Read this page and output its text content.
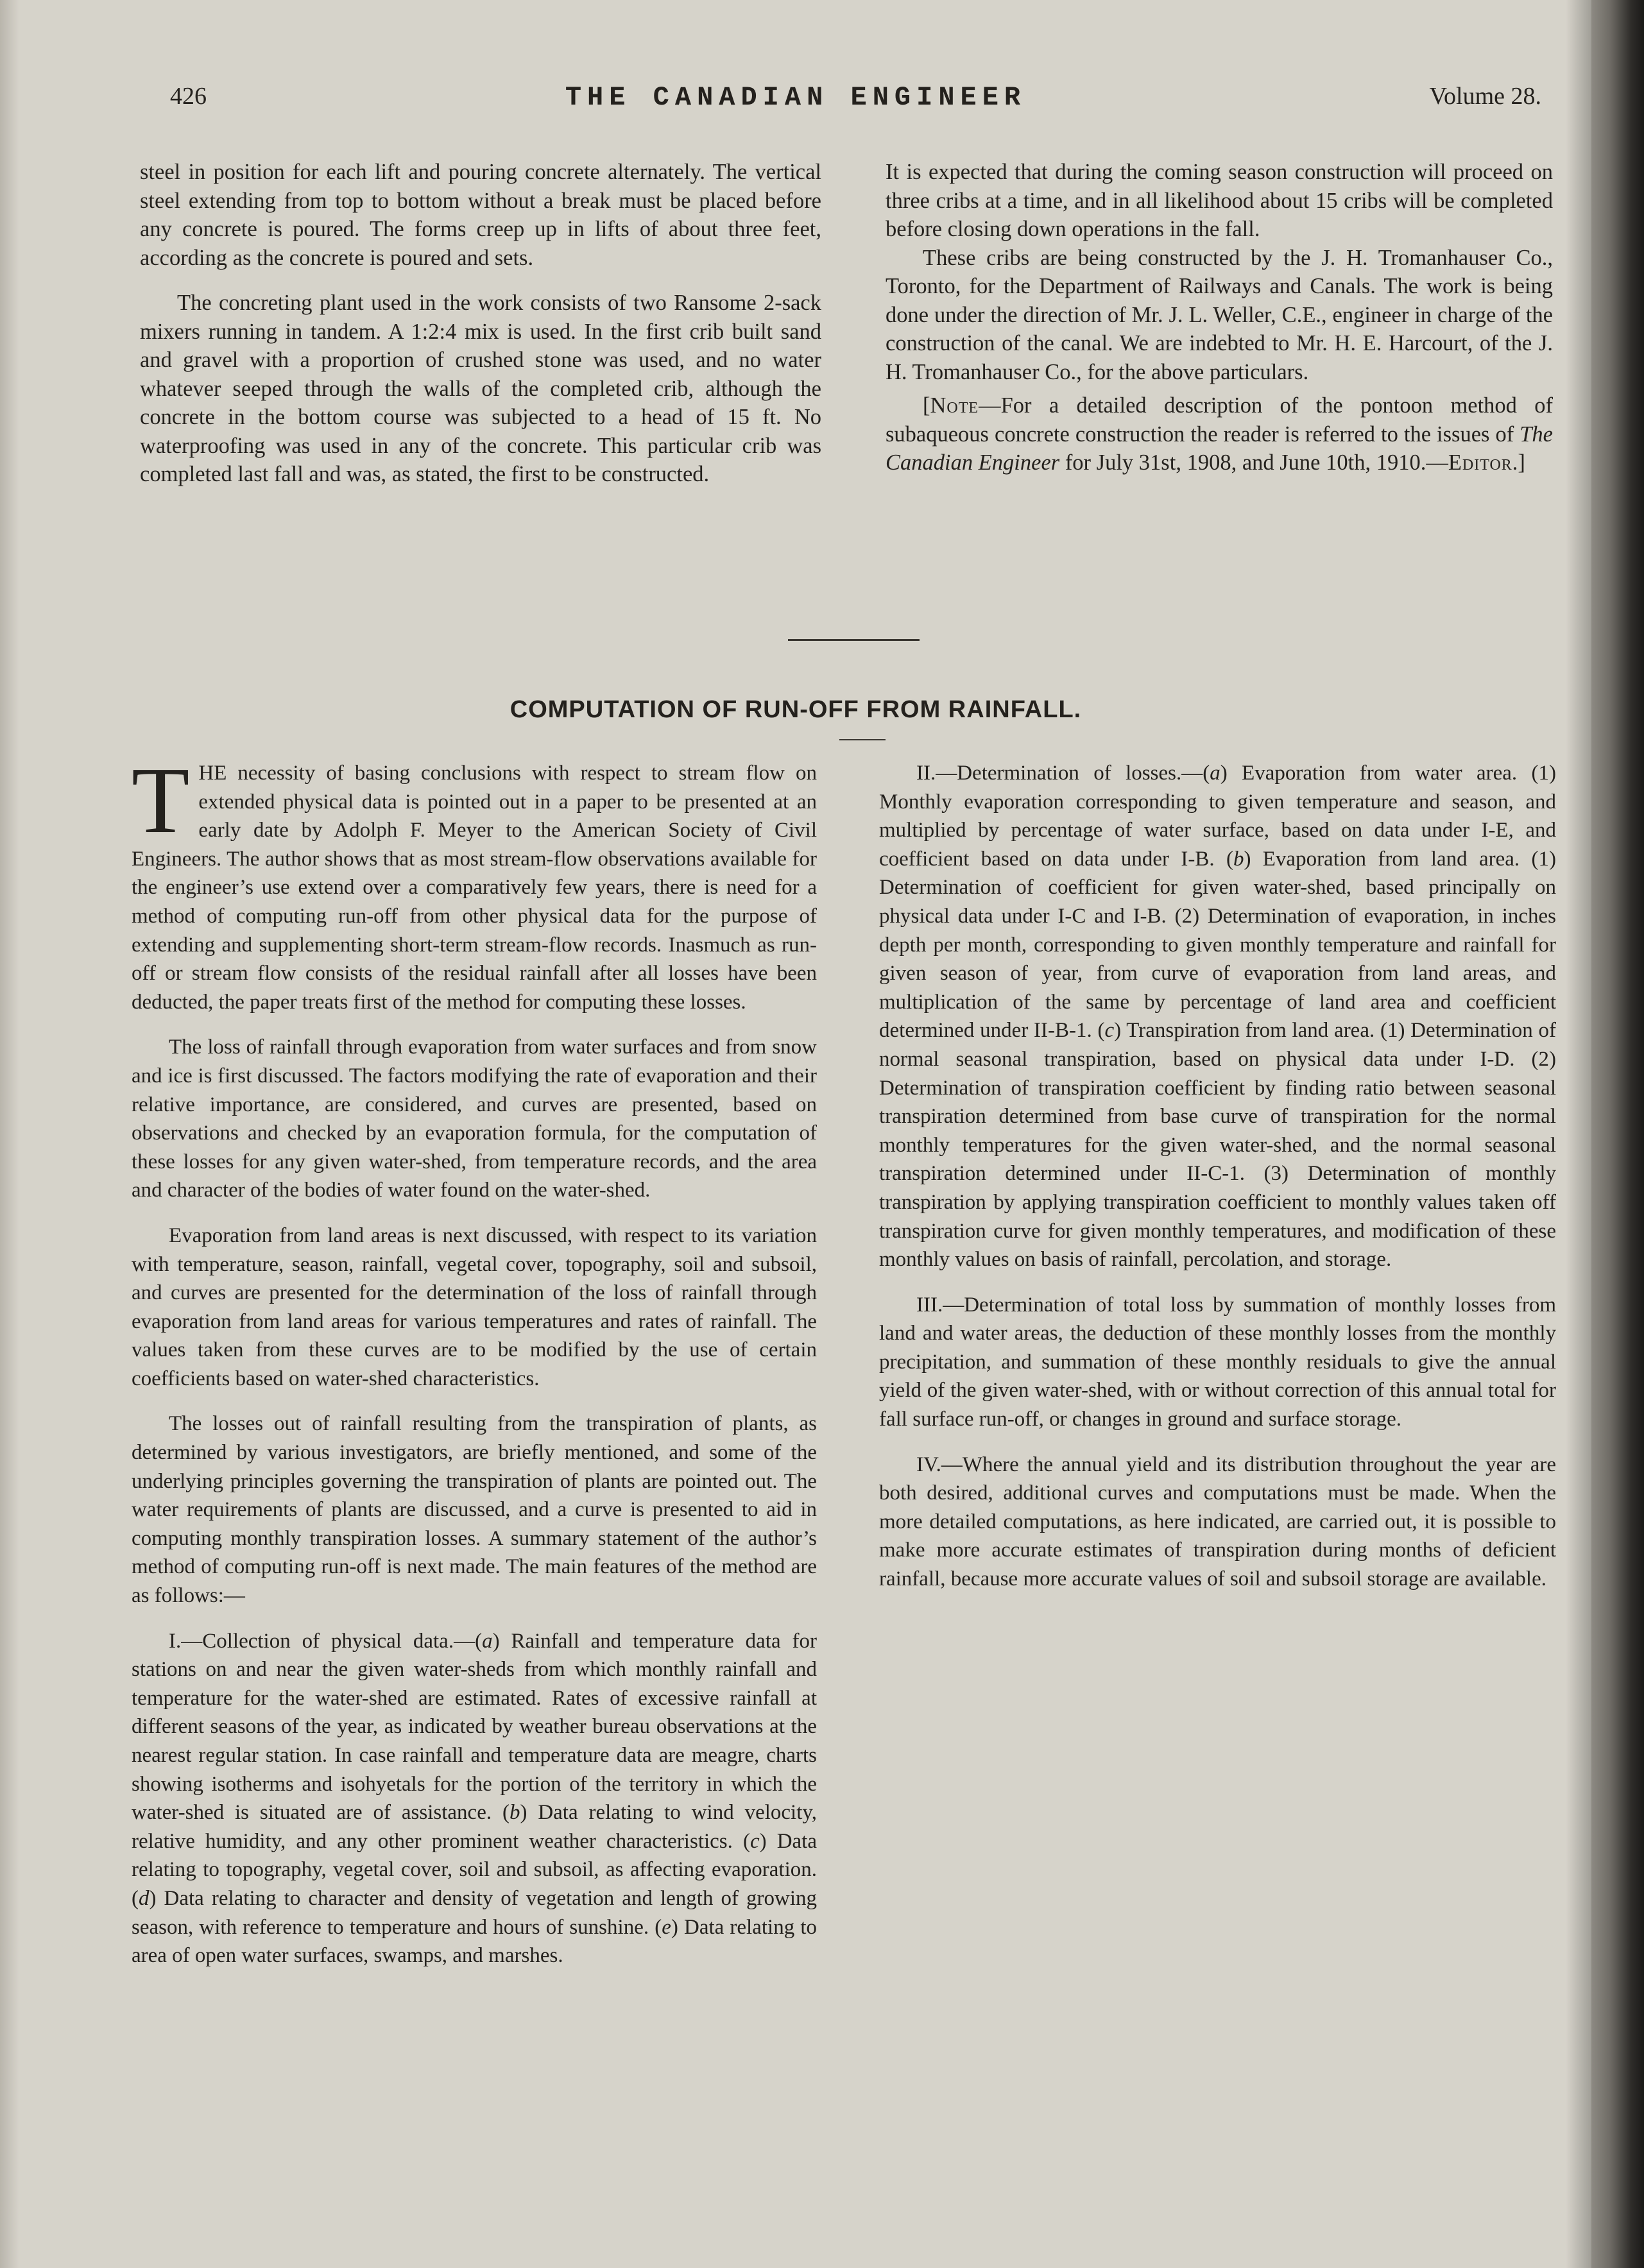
426	THE CANADIAN ENGINEER	Volume 28.

steel in position for each lift and pouring concrete alternately. The vertical steel extending from top to bottom without a break must be placed before any concrete is poured. The forms creep up in lifts of about three feet, according as the concrete is poured and sets.

The concreting plant used in the work consists of two Ransome 2-sack mixers running in tandem. A 1:2:4 mix is used. In the first crib built sand and gravel with a proportion of crushed stone was used, and no water whatever seeped through the walls of the completed crib, although the concrete in the bottom course was subjected to a head of 15 ft. No waterproofing was used in any of the concrete. This particular crib was completed last fall and was, as stated, the first to be constructed.

It is expected that during the coming season construction will proceed on three cribs at a time, and in all likelihood about 15 cribs will be completed before closing down operations in the fall.

These cribs are being constructed by the J. H. Tromanhauser Co., Toronto, for the Department of Railways and Canals. The work is being done under the direction of Mr. J. L. Weller, C.E., engineer in charge of the construction of the canal. We are indebted to Mr. H. E. Harcourt, of the J. H. Tromanhauser Co., for the above particulars.

[Note—For a detailed description of the pontoon method of subaqueous concrete construction the reader is referred to the issues of The Canadian Engineer for July 31st, 1908, and June 10th, 1910.—Editor.]

COMPUTATION OF RUN-OFF FROM RAINFALL.

THE necessity of basing conclusions with respect to stream flow on extended physical data is pointed out in a paper to be presented at an early date by Adolph F. Meyer to the American Society of Civil Engineers. The author shows that as most stream-flow observations available for the engineer’s use extend over a comparatively few years, there is need for a method of computing run-off from other physical data for the purpose of extending and supplementing short-term stream-flow records. Inasmuch as run-off or stream flow consists of the residual rainfall after all losses have been deducted, the paper treats first of the method for computing these losses.

The loss of rainfall through evaporation from water surfaces and from snow and ice is first discussed. The factors modifying the rate of evaporation and their relative importance, are considered, and curves are presented, based on observations and checked by an evaporation formula, for the computation of these losses for any given water-shed, from temperature records, and the area and character of the bodies of water found on the water-shed.

Evaporation from land areas is next discussed, with respect to its variation with temperature, season, rainfall, vegetal cover, topography, soil and subsoil, and curves are presented for the determination of the loss of rainfall through evaporation from land areas for various temperatures and rates of rainfall. The values taken from these curves are to be modified by the use of certain coefficients based on water-shed characteristics.

The losses out of rainfall resulting from the transpiration of plants, as determined by various investigators, are briefly mentioned, and some of the underlying principles governing the transpiration of plants are pointed out. The water requirements of plants are discussed, and a curve is presented to aid in computing monthly transpiration losses. A summary statement of the author’s method of computing run-off is next made. The main features of the method are as follows:—

I.—Collection of physical data.—(a) Rainfall and temperature data for stations on and near the given water-sheds from which monthly rainfall and temperature for the water-shed are estimated. Rates of excessive rainfall at different seasons of the year, as indicated by weather bureau observations at the nearest regular station. In case rainfall and temperature data are meagre, charts showing isotherms and isohyetals for the portion of the territory in which the water-shed is situated are of assistance. (b) Data relating to wind velocity, relative humidity, and any other prominent weather characteristics. (c) Data relating to topography, vegetal cover, soil and subsoil, as affecting evaporation. (d) Data relating to character and density of vegetation and length of growing season, with reference to temperature and hours of sunshine. (e) Data relating to area of open water surfaces, swamps, and marshes.

II.—Determination of losses.—(a) Evaporation from water area. (1) Monthly evaporation corresponding to given temperature and season, and multiplied by percentage of water surface, based on data under I-E, and coefficient based on data under I-B. (b) Evaporation from land area. (1) Determination of coefficient for given water-shed, based principally on physical data under I-C and I-B. (2) Determination of evaporation, in inches depth per month, corresponding to given monthly temperature and rainfall for given season of year, from curve of evaporation from land areas, and multiplication of the same by percentage of land area and coefficient determined under II-B-1. (c) Transpiration from land area. (1) Determination of normal seasonal transpiration, based on physical data under I-D. (2) Determination of transpiration coefficient by finding ratio between seasonal transpiration determined from base curve of transpiration for the normal monthly temperatures for the given water-shed, and the normal seasonal transpiration determined under II-C-1. (3) Determination of monthly transpiration by applying transpiration coefficient to monthly values taken off transpiration curve for given monthly temperatures, and modification of these monthly values on basis of rainfall, percolation, and storage.

III.—Determination of total loss by summation of monthly losses from land and water areas, the deduction of these monthly losses from the monthly precipitation, and summation of these monthly residuals to give the annual yield of the given water-shed, with or without correction of this annual total for fall surface run-off, or changes in ground and surface storage.

IV.—Where the annual yield and its distribution throughout the year are both desired, additional curves and computations must be made. When the more detailed computations, as here indicated, are carried out, it is possible to make more accurate estimates of transpiration during months of deficient rainfall, because more accurate values of soil and subsoil storage are available.
